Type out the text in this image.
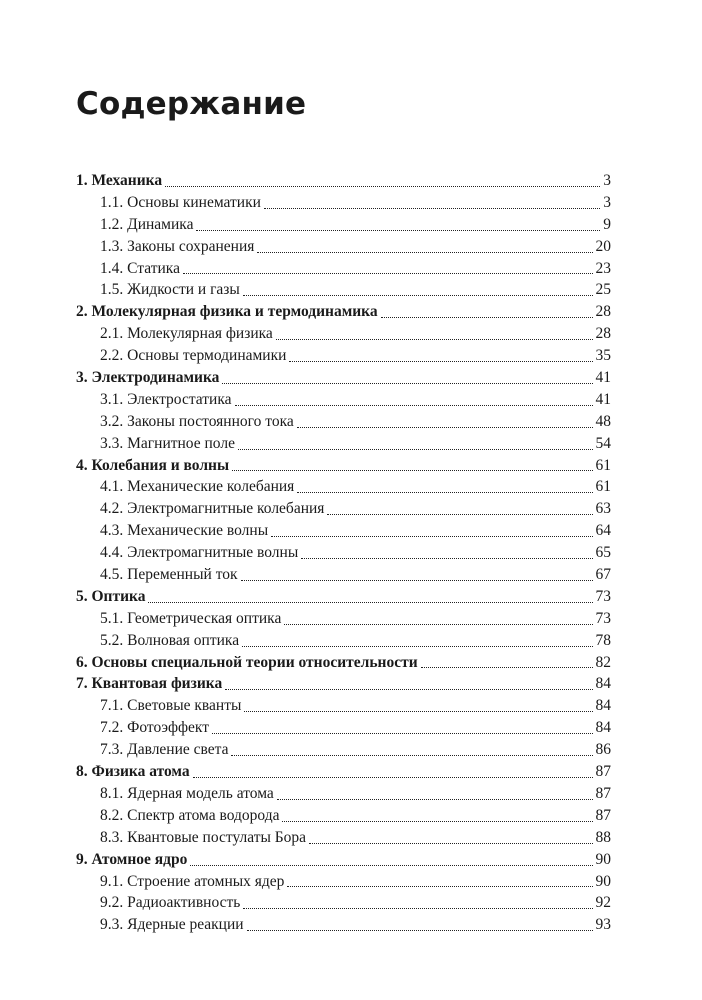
Содержание
1. Механика	3
1.1. Основы кинематики	3
1.2. Динамика	9
1.3. Законы сохранения	20
1.4. Статика	23
1.5. Жидкости и газы	25
2. Молекулярная физика и термодинамика	28
2.1. Молекулярная физика	28
2.2. Основы термодинамики	35
3. Электродинамика	41
3.1. Электростатика	41
3.2. Законы постоянного тока	48
3.3. Магнитное поле	54
4. Колебания и волны	61
4.1. Механические колебания	61
4.2. Электромагнитные колебания	63
4.3. Механические волны	64
4.4. Электромагнитные волны	65
4.5. Переменный ток	67
5. Оптика	73
5.1. Геометрическая оптика	73
5.2. Волновая оптика	78
6. Основы специальной теории относительности	82
7. Квантовая физика	84
7.1. Световые кванты	84
7.2. Фотоэффект	84
7.3. Давление света	86
8. Физика атома	87
8.1. Ядерная модель атома	87
8.2. Спектр атома водорода	87
8.3. Квантовые постулаты Бора	88
9. Атомное ядро	90
9.1. Строение атомных ядер	90
9.2. Радиоактивность	92
9.3. Ядерные реакции	93
